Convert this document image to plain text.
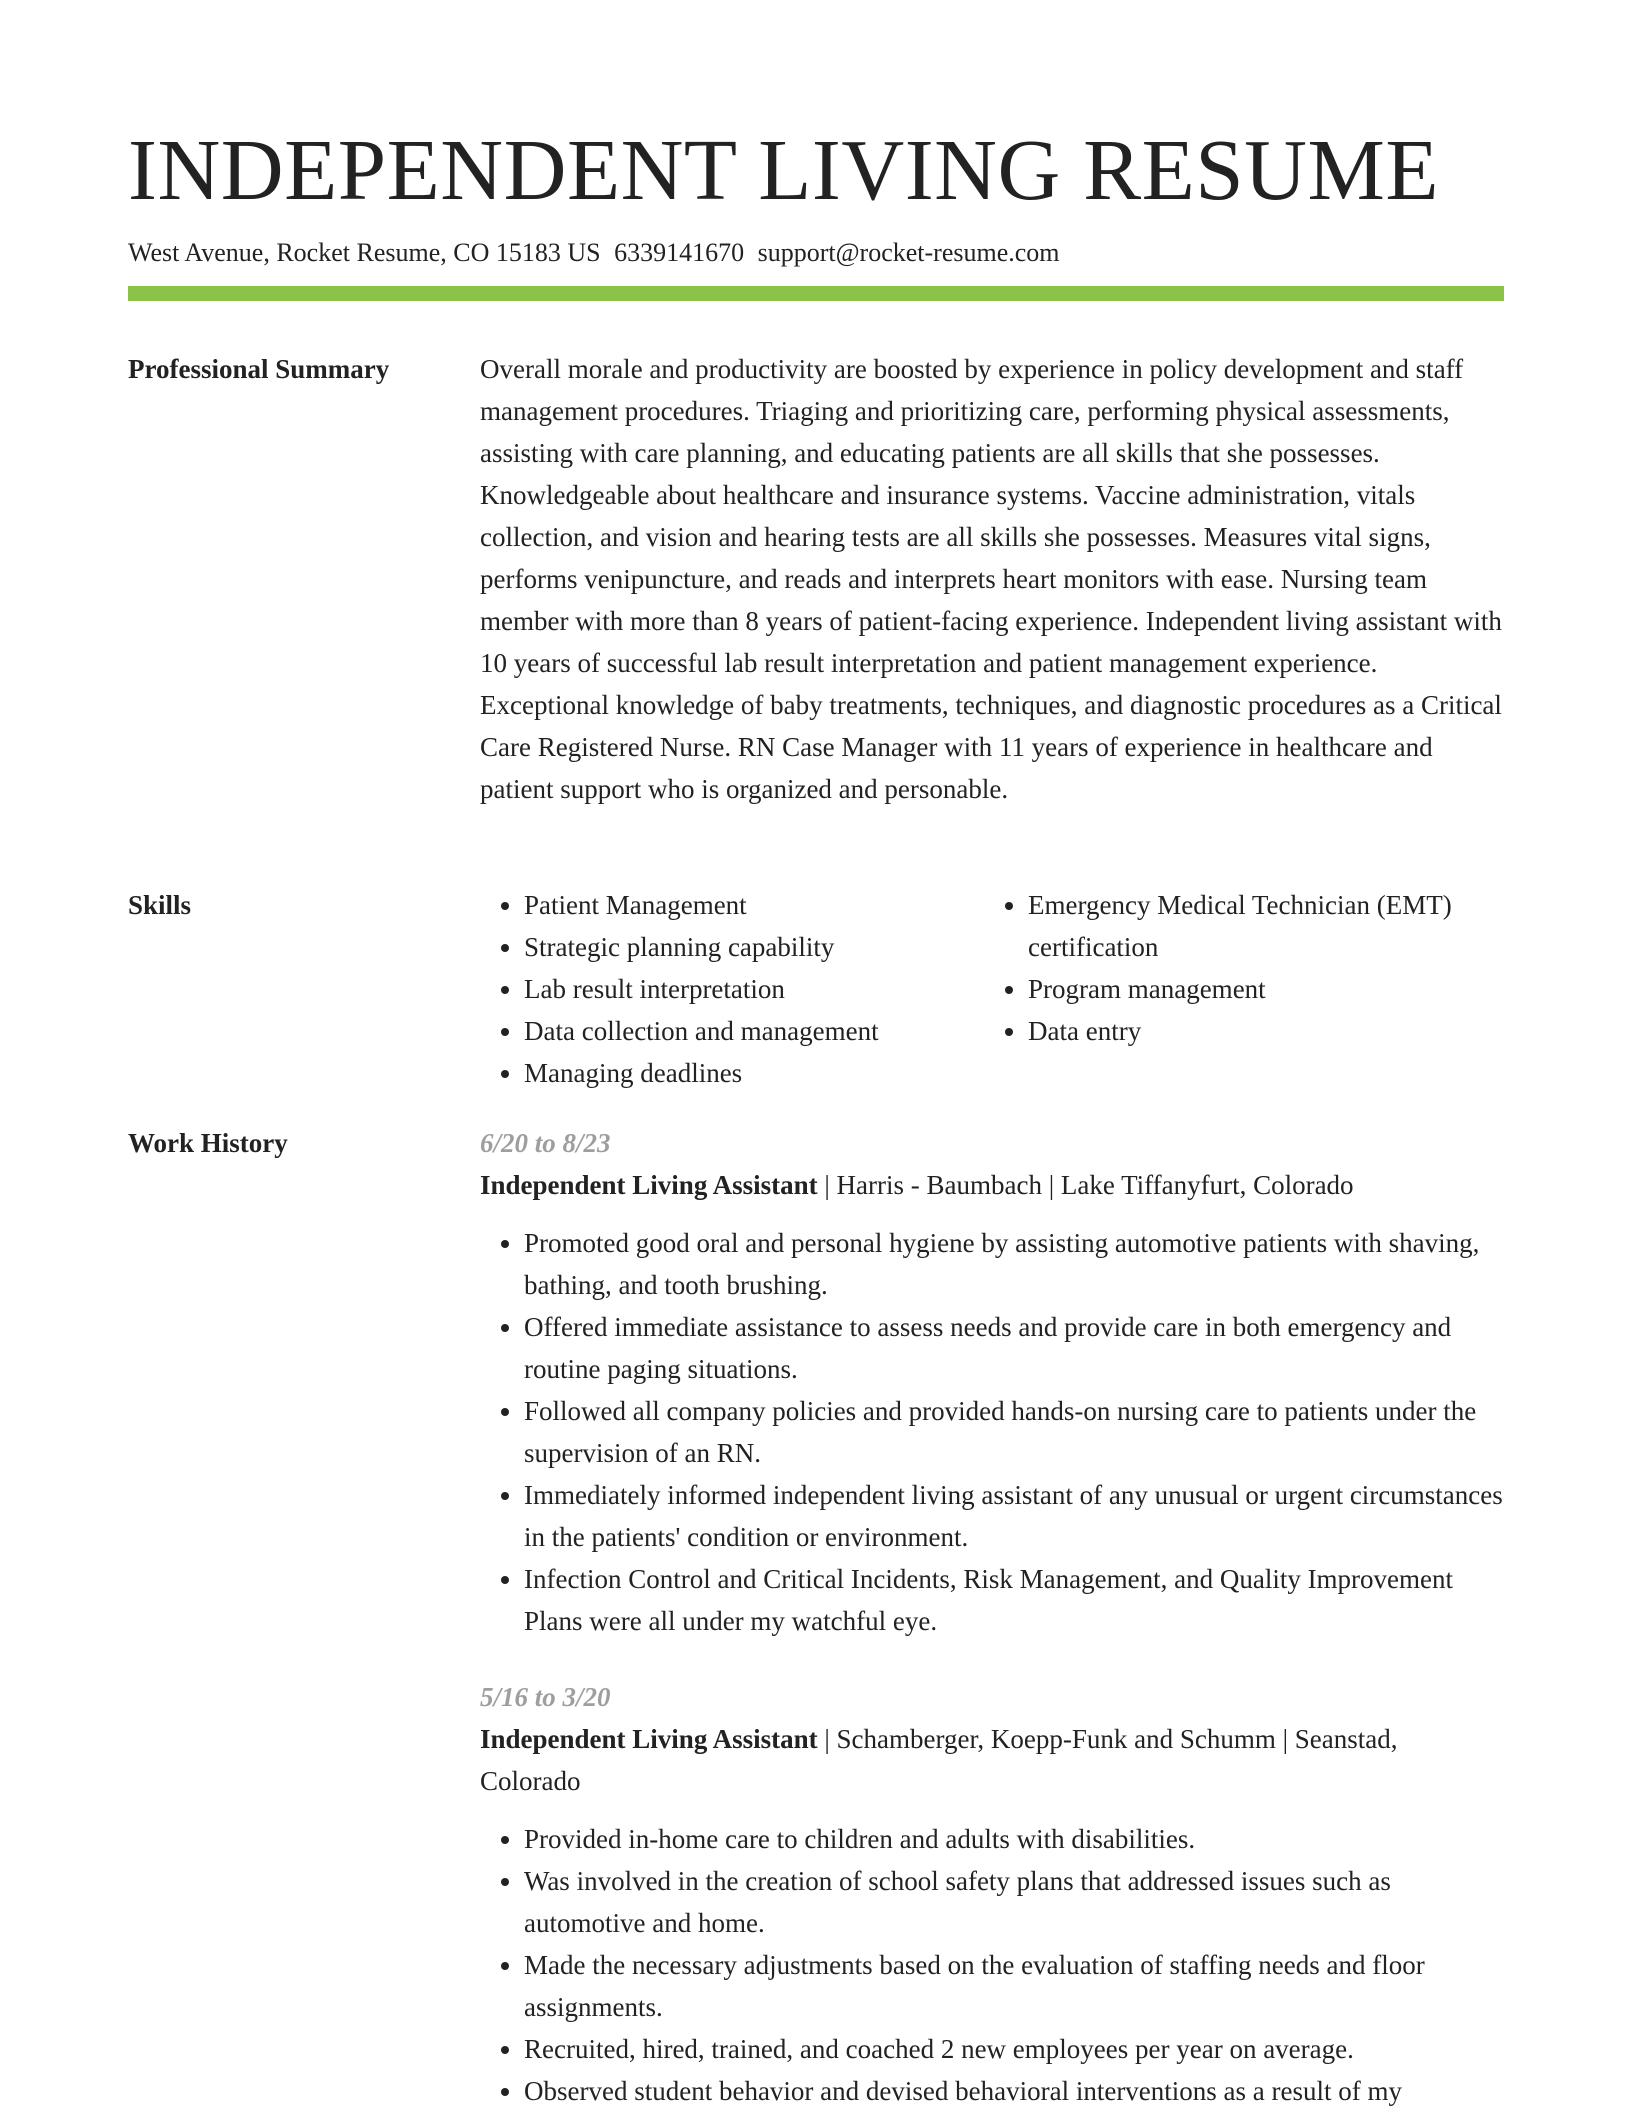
INDEPENDENT LIVING RESUME
West Avenue, Rocket Resume, CO 15183 US 6339141670 support@rocket-resume.com
Professional Summary	Overall morale and productivity are boosted by experience in policy development and staff management procedures. Triaging and prioritizing care, performing physical assessments, assisting with care planning, and educating patients are all skills that she possesses. Knowledgeable about healthcare and insurance systems. Vaccine administration, vitals collection, and vision and hearing tests are all skills she possesses. Measures vital signs, performs venipuncture, and reads and interprets heart monitors with ease. Nursing team member with more than 8 years of patient-facing experience. Independent living assistant with 10 years of successful lab result interpretation and patient management experience. Exceptional knowledge of baby treatments, techniques, and diagnostic procedures as a Critical Care Registered Nurse. RN Case Manager with 11 years of experience in healthcare and patient support who is organized and personable.

Skills
•	Patient Management
• Strategic planning capability
• Lab result interpretation
• Data collection and management
• Managing deadlines
• Emergency Medical Technician (EMT) certification
• Program management
• Data entry
Work History	6/20 to 8/23
Independent Living Assistant | Harris - Baumbach | Lake Tiffanyfurt, Colorado
• Promoted good oral and personal hygiene by assisting automotive patients with shaving, bathing, and tooth brushing.
• Offered immediate assistance to assess needs and provide care in both emergency and routine paging situations.
• Followed all company policies and provided hands-on nursing care to patients under the supervision of an RN.
• Immediately informed independent living assistant of any unusual or urgent circumstances in the patients' condition or environment.
• Infection Control and Critical Incidents, Risk Management, and Quality Improvement Plans were all under my watchful eye.
5/16 to 3/20
Independent Living Assistant | Schamberger, Koepp-Funk and Schumm | Seanstad, Colorado
• Provided in-home care to children and adults with disabilities.
• Was involved in the creation of school safety plans that addressed issues such as automotive and home.
• Made the necessary adjustments based on the evaluation of staffing needs and floor assignments.
• Recruited, hired, trained, and coached 2 new employees per year on average.
• Observed student behavior and devised behavioral interventions as a result of my
